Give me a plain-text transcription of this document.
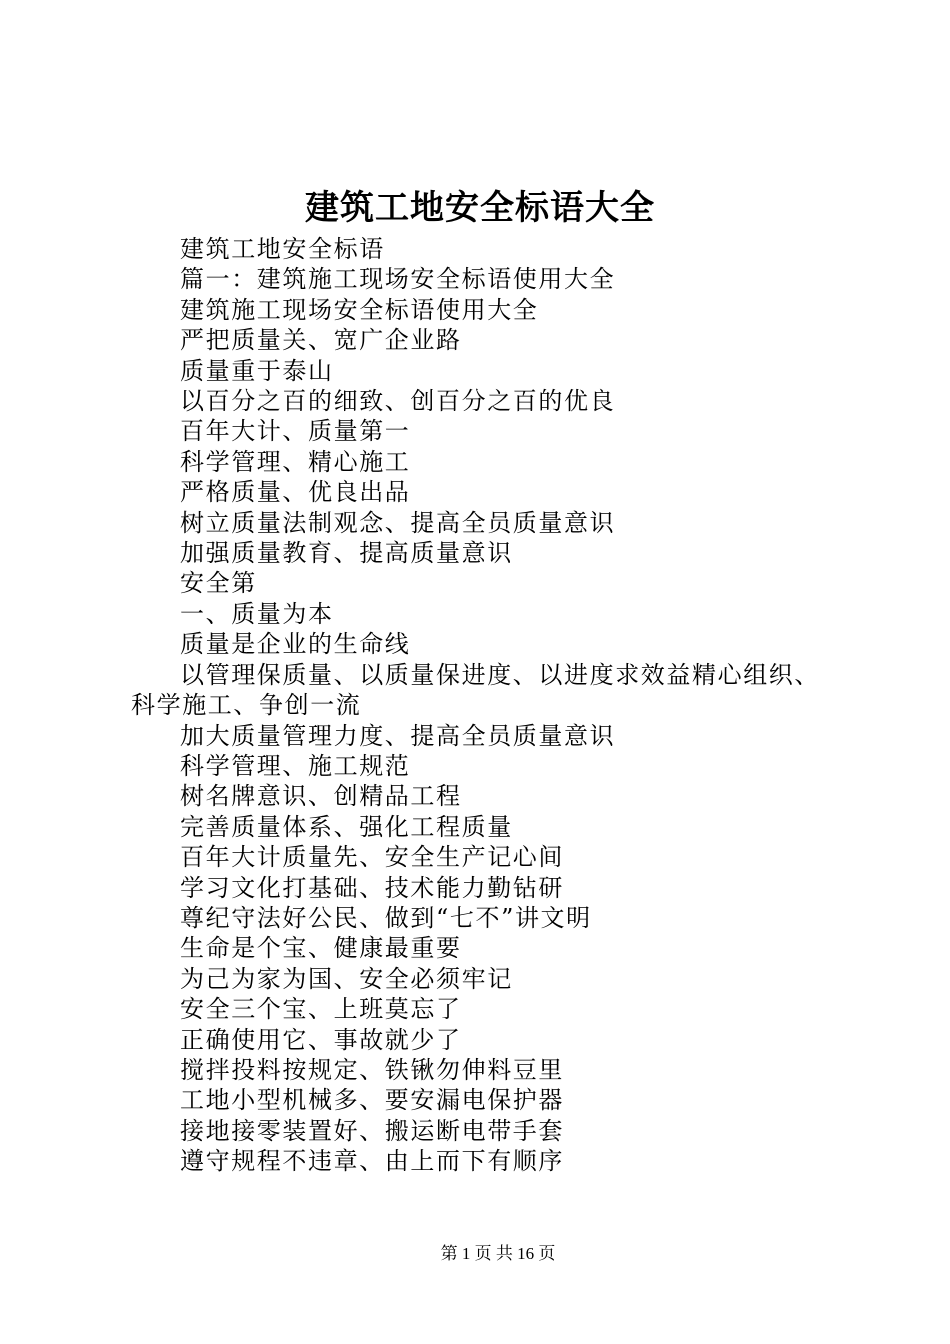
建筑工地安全标语大全
建筑工地安全标语
篇一：建筑施工现场安全标语使用大全
建筑施工现场安全标语使用大全
严把质量关、宽广企业路
质量重于泰山
以百分之百的细致、创百分之百的优良
百年大计、质量第一
科学管理、精心施工
严格质量、优良出品
树立质量法制观念、提高全员质量意识
加强质量教育、提高质量意识
安全第
一、质量为本
质量是企业的生命线
以管理保质量、以质量保进度、以进度求效益精心组织、
科学施工、争创一流
加大质量管理力度、提高全员质量意识
科学管理、施工规范
树名牌意识、创精品工程
完善质量体系、强化工程质量
百年大计质量先、安全生产记心间
学习文化打基础、技术能力勤钻研
尊纪守法好公民、做到“七不”讲文明
生命是个宝、健康最重要
为己为家为国、安全必须牢记
安全三个宝、上班莫忘了
正确使用它、事故就少了
搅拌投料按规定、铁锹勿伸料豆里
工地小型机械多、要安漏电保护器
接地接零装置好、搬运断电带手套
遵守规程不违章、由上而下有顺序
第 1 页 共 16 页
